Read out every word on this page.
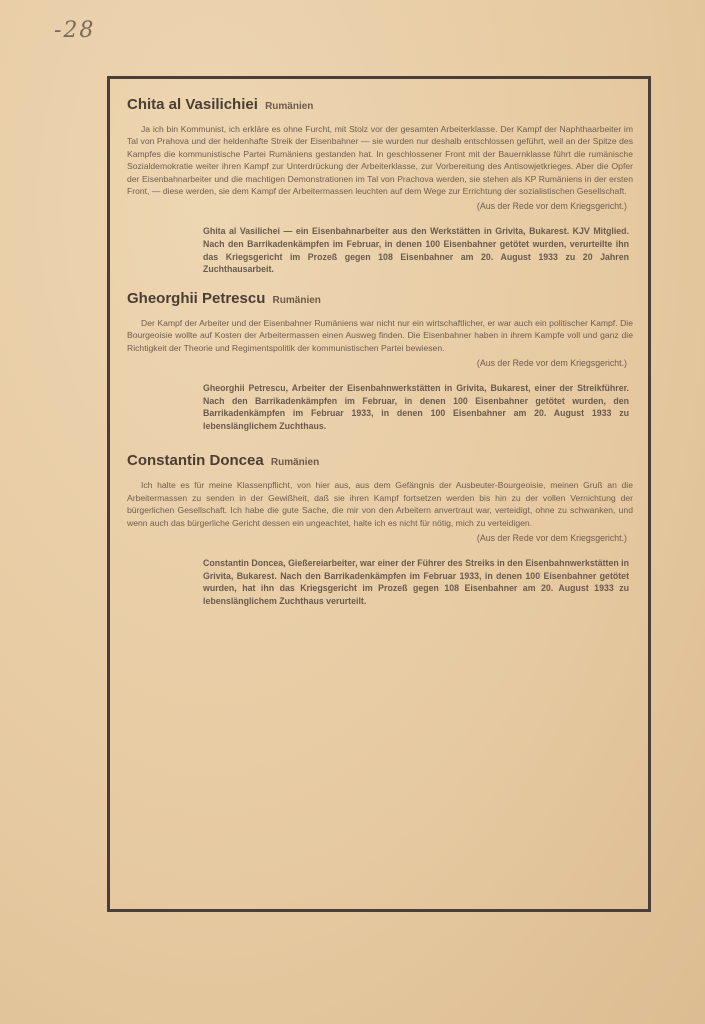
-28
Chita al Vasilichiei Rumänien
Ja ich bin Kommunist, ich erkläre es ohne Furcht, mit Stolz vor der gesamten Arbeiterklasse. Der Kampf der Naphthaarbeiter im Tal von Prahova und der heldenhafte Streik der Eisenbahner — sie wurden nur deshalb entschlossen geführt, weil an der Spitze des Kampfes die kommunistische Partei Rumäniens gestanden hat. In geschlossener Front mit der Bauernklasse führt die rumänische Sozialdemokratie weiter ihren Kampf zur Unterdrückung der Arbeiterklasse, zur Vorbereitung des Antisowjetkrieges. Aber die Opfer der Eisenbahnarbeiter und die machtigen Demonstrationen im Tal von Prachova werden, sie stehen als KP Rumäniens in der ersten Front, — diese werden, sie dem Kampf der Arbeitermassen leuchten auf dem Wege zur Errichtung der sozialistischen Gesellschaft.
(Aus der Rede vor dem Kriegsgericht.)
Ghita al Vasilichei — ein Eisenbahnarbeiter aus den Werkstätten in Grivita, Bukarest. KJV Mitglied. Nach den Barrikadenkämpfen im Februar, in denen 100 Eisenbahner getötet wurden, verurteilte ihn das Kriegsgericht im Prozeß gegen 108 Eisenbahner am 20. August 1933 zu 20 Jahren Zuchthausarbeit.
Gheorghii Petrescu Rumänien
Der Kampf der Arbeiter und der Eisenbahner Rumäniens war nicht nur ein wirtschaftlicher, er war auch ein politischer Kampf. Die Bourgeoisie wollte auf Kosten der Arbeitermassen einen Ausweg finden. Die Eisenbahner haben in ihrem Kampfe voll und ganz die Richtigkeit der Theorie und Regimentspolitik der kommunistischen Partei bewiesen.
(Aus der Rede vor dem Kriegsgericht.)
Gheorghii Petrescu, Arbeiter der Eisenbahnwerkstätten in Grivita, Bukarest, einer der Streikführer. Nach den Barrikadenkämpfen im Februar, in denen 100 Eisenbahner getötet wurden, den Barrikadenkämpfen im Februar 1933, in denen 100 Eisenbahner am 20. August 1933 zu lebenslänglichem Zuchthaus.
Constantin Doncea Rumänien
Ich halte es für meine Klassenpflicht, von hier aus, aus dem Gefängnis der Ausbeuter-Bourgeoisie, meinen Gruß an die Arbeitermassen zu senden in der Gewißheit, daß sie ihren Kampf fortsetzen werden bis hin zu der vollen Vernichtung der bürgerlichen Gesellschaft. Ich habe die gute Sache, die mir von den Arbeitern anvertraut war, verteidigt, ohne zu schwanken, und wenn auch das bürgerliche Gericht dessen ein ungeachtet, halte ich es nicht für nötig, mich zu verteidigen.
(Aus der Rede vor dem Kriegsgericht.)
Constantin Doncea, Gießereiarbeiter, war einer der Führer des Streiks in den Eisenbahnwerkstätten in Grivita, Bukarest. Nach den Barrikadenkämpfen im Februar 1933, in denen 100 Eisenbahner getötet wurden, hat ihn das Kriegsgericht im Prozeß gegen 108 Eisenbahner am 20. August 1933 zu lebenslänglichem Zuchthaus verurteilt.
